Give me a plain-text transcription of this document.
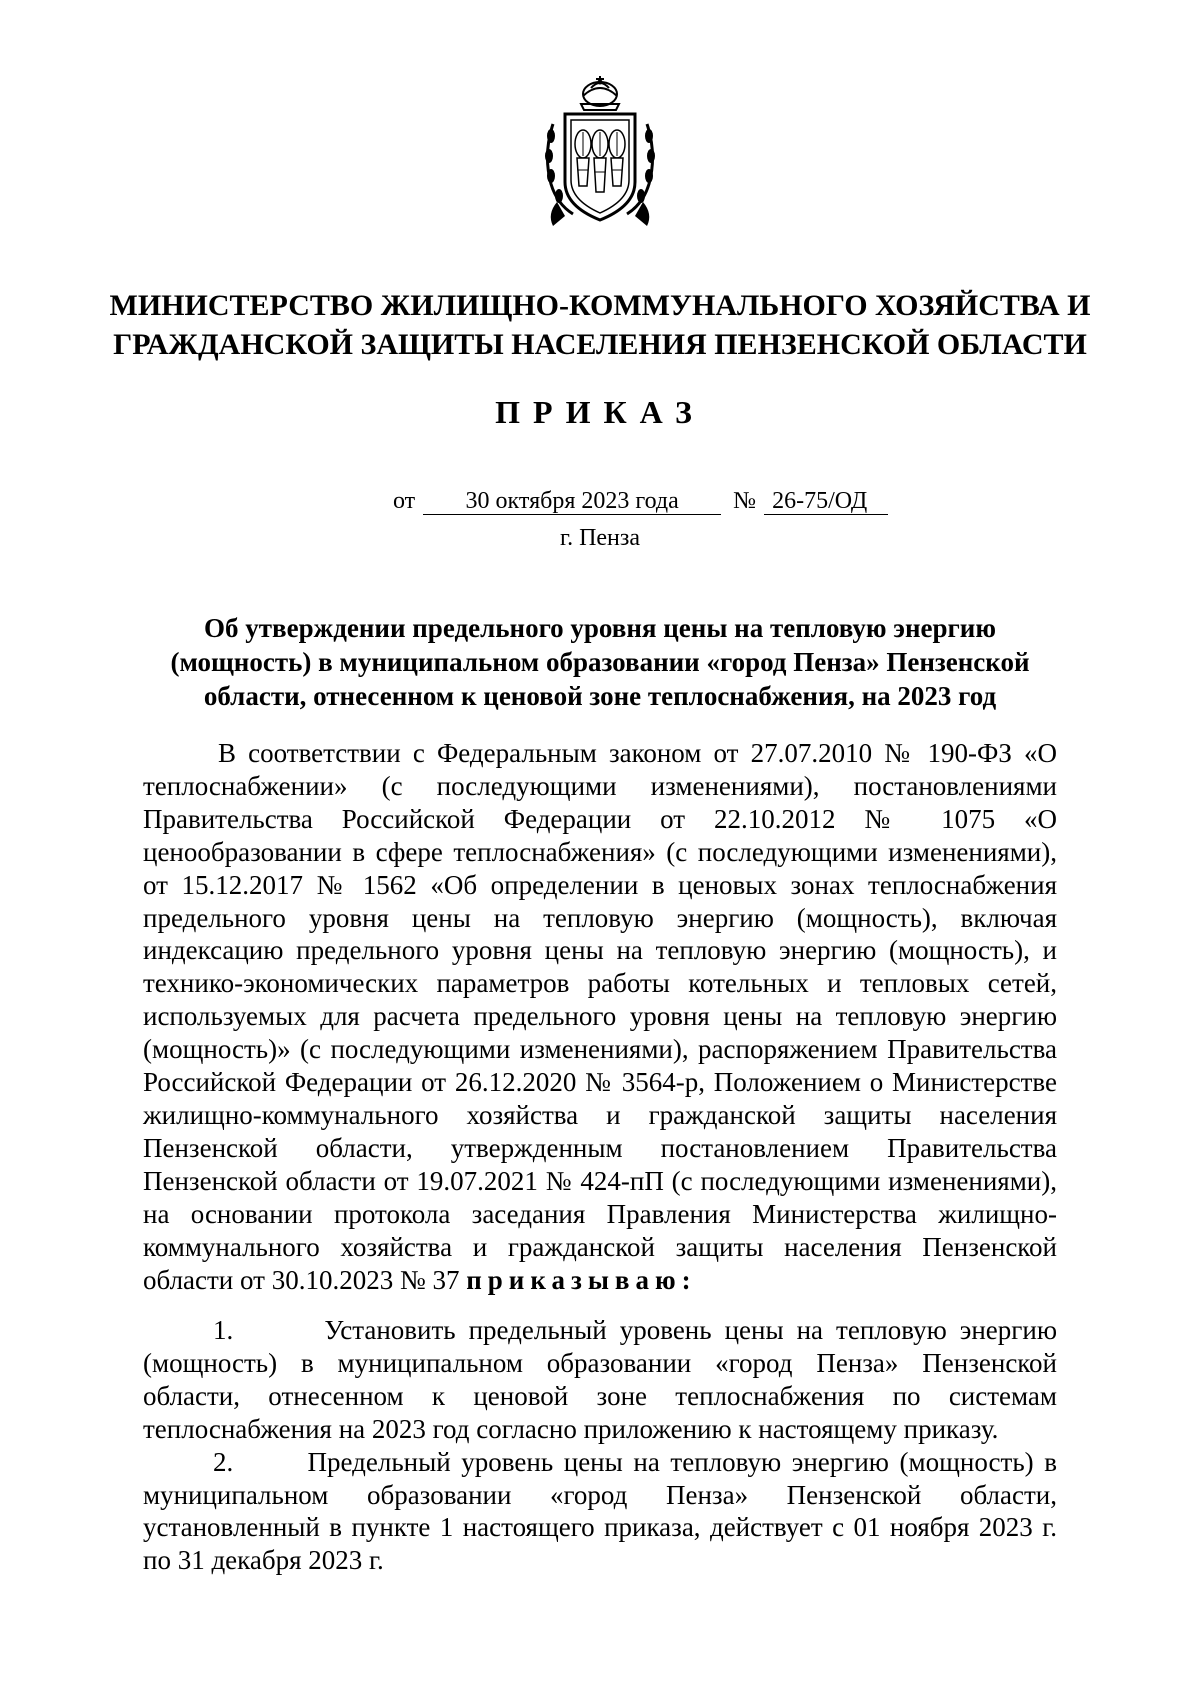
МИНИСТЕРСТВО ЖИЛИЩНО-КОММУНАЛЬНОГО ХОЗЯЙСТВА И
ГРАЖДАНСКОЙ ЗАЩИТЫ НАСЕЛЕНИЯ ПЕНЗЕНСКОЙ ОБЛАСТИ
ПРИКАЗ
от 30 октября 2023 года № 26-75/ОД
г. Пенза
Об утверждении предельного уровня цены на тепловую энергию (мощность) в муниципальном образовании «город Пенза» Пензенской области, отнесенном к ценовой зоне теплоснабжения, на 2023 год
В соответствии с Федеральным законом от 27.07.2010 № 190-ФЗ «О теплоснабжении» (с последующими изменениями), постановлениями Правительства Российской Федерации от 22.10.2012 № 1075 «О ценообразовании в сфере теплоснабжения» (с последующими изменениями), от 15.12.2017 № 1562 «Об определении в ценовых зонах теплоснабжения предельного уровня цены на тепловую энергию (мощность), включая индексацию предельного уровня цены на тепловую энергию (мощность), и технико-экономических параметров работы котельных и тепловых сетей, используемых для расчета предельного уровня цены на тепловую энергию (мощность)» (с последующими изменениями), распоряжением Правительства Российской Федерации от 26.12.2020 № 3564-р, Положением о Министерстве жилищно-коммунального хозяйства и гражданской защиты населения Пензенской области, утвержденным постановлением Правительства Пензенской области от 19.07.2021 № 424-пП (с последующими изменениями), на основании протокола заседания Правления Министерства жилищно-коммунального хозяйства и гражданской защиты населения Пензенской области от 30.10.2023 № 37 приказываю:

1.	Установить предельный уровень цены на тепловую энергию (мощность) в муниципальном образовании «город Пенза» Пензенской области, отнесенном к ценовой зоне теплоснабжения по системам теплоснабжения на 2023 год согласно приложению к настоящему приказу.

2.	Предельный уровень цены на тепловую энергию (мощность) в муниципальном образовании «город Пенза» Пензенской области, установленный в пункте 1 настоящего приказа, действует с 01 ноября 2023 г. по 31 декабря 2023 г.
